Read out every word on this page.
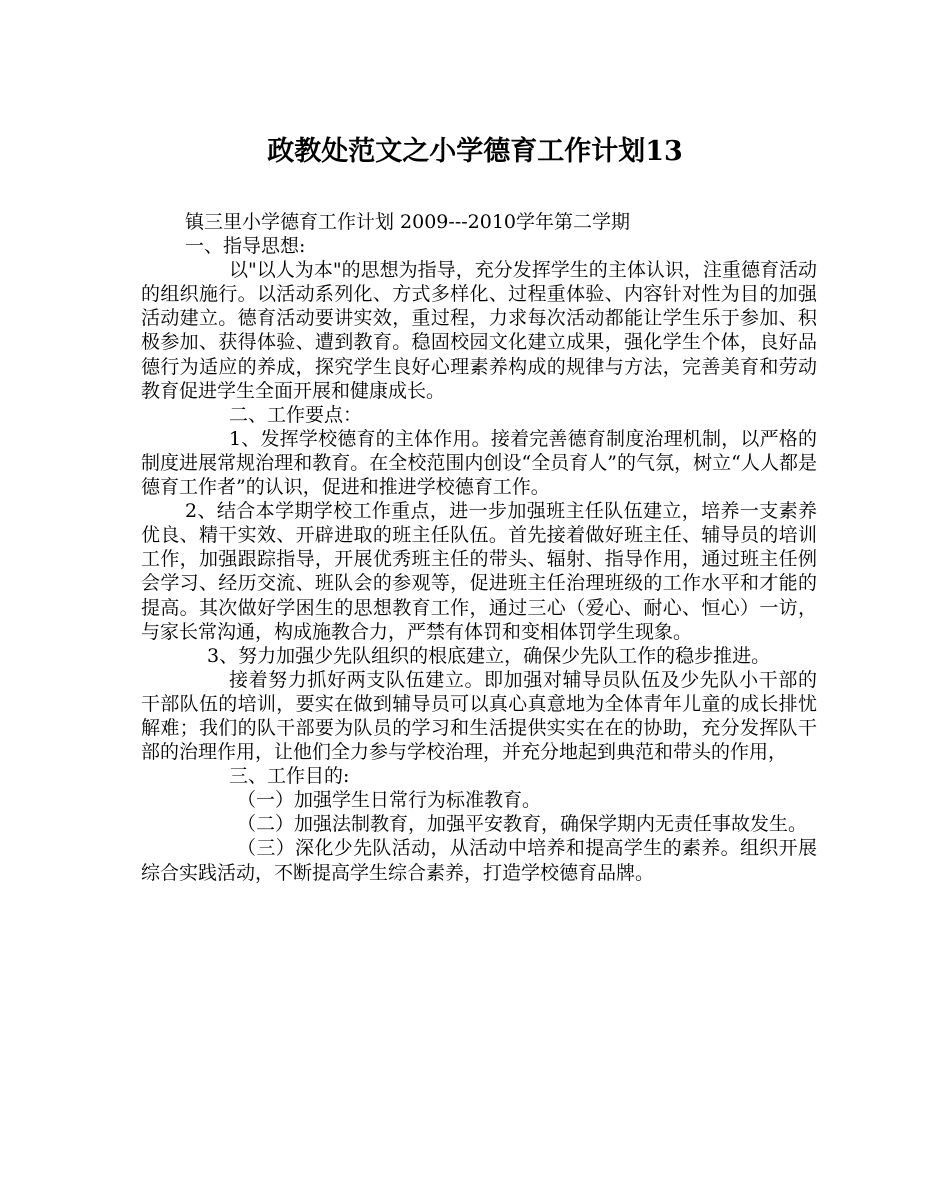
政教处范文之小学德育工作计划13

镇三里小学德育工作计划 2009---2010学年第二学期

一、指导思想:

以"以人为本"的思想为指导，充分发挥学生的主体认识，注重德育活动的组织施行。以活动系列化、方式多样化、过程重体验、内容针对性为目的加强活动建立。德育活动要讲实效，重过程，力求每次活动都能让学生乐于参加、积极参加、获得体验、遭到教育。稳固校园文化建立成果，强化学生个体，良好品德行为适应的养成，探究学生良好心理素养构成的规律与方法，完善美育和劳动教育促进学生全面开展和健康成长。

二、工作要点：

1、发挥学校德育的主体作用。接着完善德育制度治理机制，以严格的制度进展常规治理和教育。在全校范围内创设“全员育人”的气氛，树立“人人都是德育工作者”的认识，促进和推进学校德育工作。

2、结合本学期学校工作重点，进一步加强班主任队伍建立，培养一支素养优良、精干实效、开辟进取的班主任队伍。首先接着做好班主任、辅导员的培训工作，加强跟踪指导，开展优秀班主任的带头、辐射、指导作用，通过班主任例会学习、经历交流、班队会的参观等，促进班主任治理班级的工作水平和才能的提高。其次做好学困生的思想教育工作，通过三心（爱心、耐心、恒心）一访，与家长常沟通，构成施教合力，严禁有体罚和变相体罚学生现象。

3、努力加强少先队组织的根底建立，确保少先队工作的稳步推进。

接着努力抓好两支队伍建立。即加强对辅导员队伍及少先队小干部的干部队伍的培训，要实在做到辅导员可以真心真意地为全体青年儿童的成长排忧解难；我们的队干部要为队员的学习和生活提供实实在在的协助，充分发挥队干部的治理作用，让他们全力参与学校治理，并充分地起到典范和带头的作用，

三、工作目的:

（一）加强学生日常行为标准教育。

（二）加强法制教育，加强平安教育，确保学期内无责任事故发生。

（三）深化少先队活动，从活动中培养和提高学生的素养。组织开展综合实践活动，不断提高学生综合素养，打造学校德育品牌。
